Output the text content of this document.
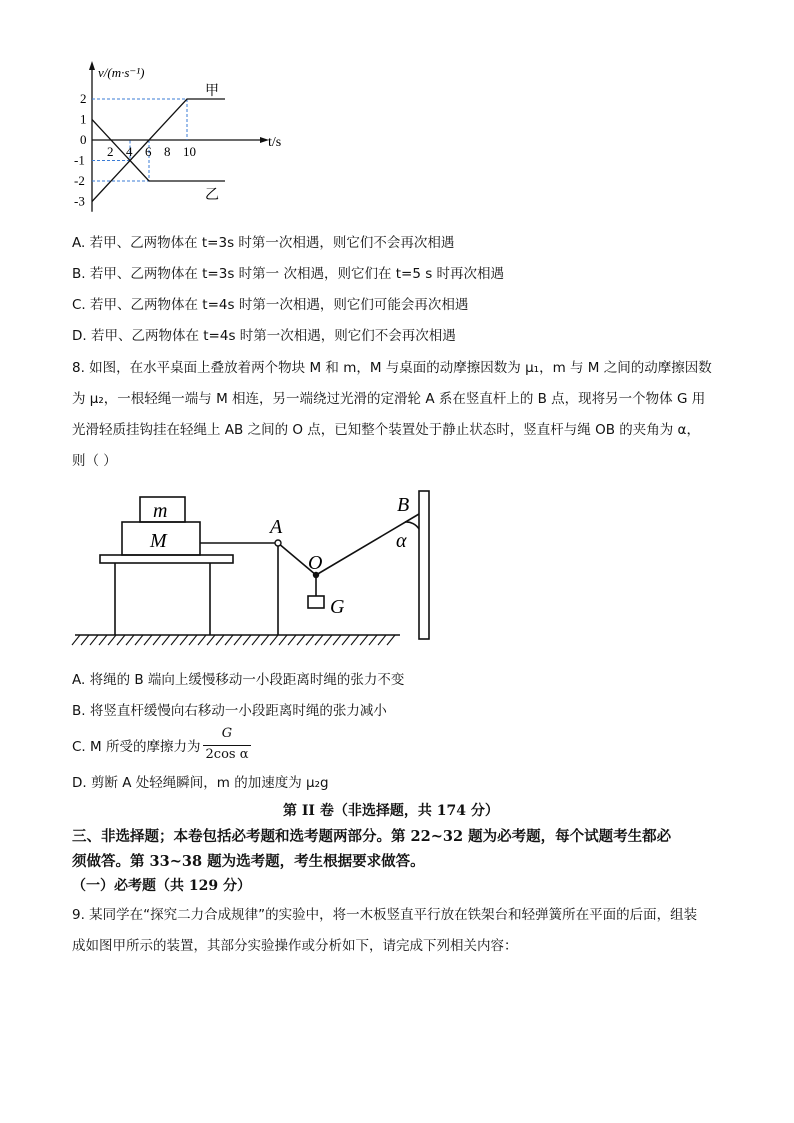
v/(m·s⁻¹)
t/s
2 4 6 8 10
2
1
0
-1
-2
-3
甲
乙
A. 若甲、乙两物体在 t=3s 时第一次相遇，则它们不会再次相遇
B. 若甲、乙两物体在 t=3s 时第一 次相遇，则它们在 t=5 s 时再次相遇
C. 若甲、乙两物体在 t=4s 时第一次相遇，则它们可能会再次相遇
D. 若甲、乙两物体在 t=4s 时第一次相遇，则它们不会再次相遇
8. 如图，在水平桌面上叠放着两个物块 M 和 m，M 与桌面的动摩擦因数为 μ₁，m 与 M 之间的动摩擦因数
为 μ₂，一根轻绳一端与 M 相连，另一端绕过光滑的定滑轮 A 系在竖直杆上的 B 点，现将另一个物体 G 用
光滑轻质挂钩挂在轻绳上 AB 之间的 O 点，已知整个装置处于静止状态时，竖直杆与绳 OB 的夹角为 α，
则（ ）
m
M
A
B
O
G
α
A. 将绳的 B 端向上缓慢移动一小段距离时绳的张力不变
B. 将竖直杆缓慢向右移动一小段距离时绳的张力减小
C. M 所受的摩擦力为
G
2cos α
D. 剪断 A 处轻绳瞬间，m 的加速度为 μ₂g
第 II 卷（非选择题，共 174 分）
三、非选择题；本卷包括必考题和选考题两部分。第 22~32 题为必考题，每个试题考生都必
须做答。第 33~38 题为选考题，考生根据要求做答。
（一）必考题（共 129 分）
9. 某同学在“探究二力合成规律”的实验中，将一木板竖直平行放在铁架台和轻弹簧所在平面的后面，组装
成如图甲所示的装置，其部分实验操作或分析如下，请完成下列相关内容：
